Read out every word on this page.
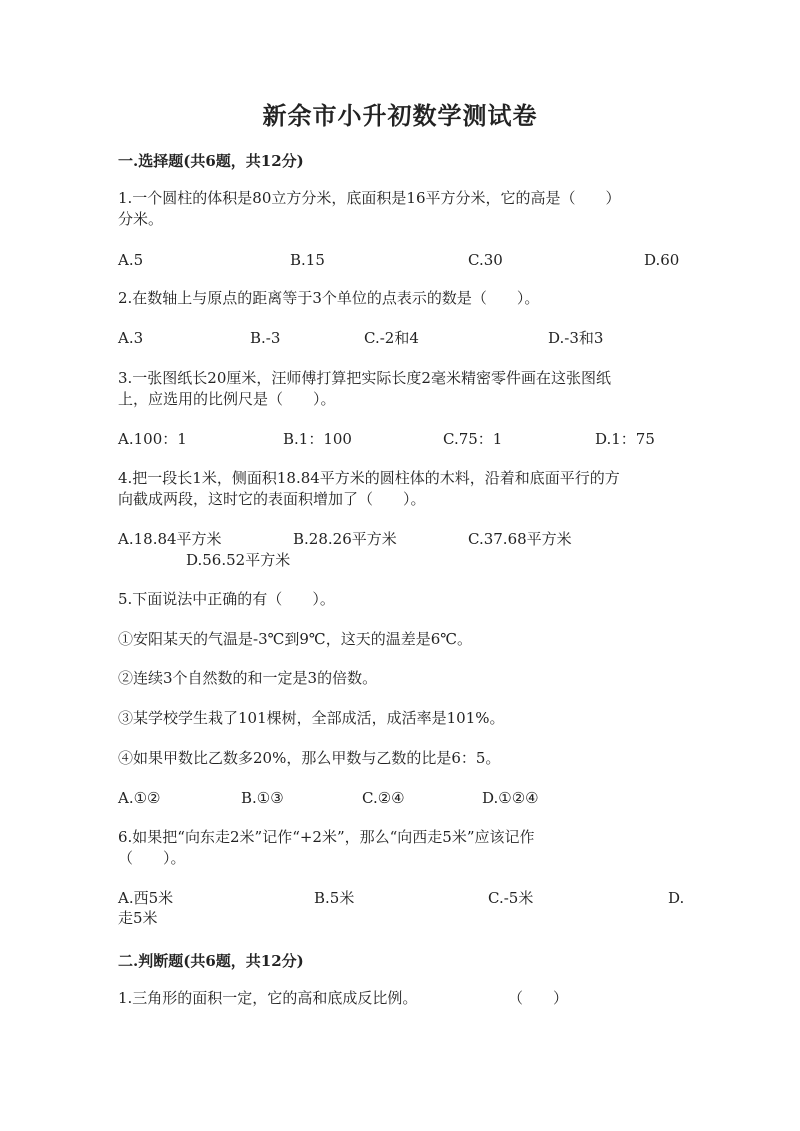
新余市小升初数学测试卷
一.选择题(共6题，共12分)
1.一个圆柱的体积是80立方分米，底面积是16平方分米，它的高是（　　）
分米。
A.5	B.15	C.30	D.60
2.在数轴上与原点的距离等于3个单位的点表示的数是（　　）。
A.3	B.-3	C.-2和4	D.-3和3
3.一张图纸长20厘米，汪师傅打算把实际长度2毫米精密零件画在这张图纸
上，应选用的比例尺是（　　）。
A.100：1	B.1：100	C.75：1	D.1：75
4.把一段长1米，侧面积18.84平方米的圆柱体的木料，沿着和底面平行的方
向截成两段，这时它的表面积增加了（　　）。
A.18.84平方米	B.28.26平方米	C.37.68平方米
D.56.52平方米
5.下面说法中正确的有（　　）。
①安阳某天的气温是-3℃到9℃，这天的温差是6℃。
②连续3个自然数的和一定是3的倍数。
③某学校学生栽了101棵树，全部成活，成活率是101%。
④如果甲数比乙数多20%，那么甲数与乙数的比是6：5。
A.①②	B.①③	C.②④	D.①②④
6.如果把“向东走2米”记作“+2米”，那么“向西走5米”应该记作
（　　）。
A.西5米	B.5米	C.-5米	D.
走5米
二.判断题(共6题，共12分)
1.三角形的面积一定，它的高和底成反比例。	（　　）
